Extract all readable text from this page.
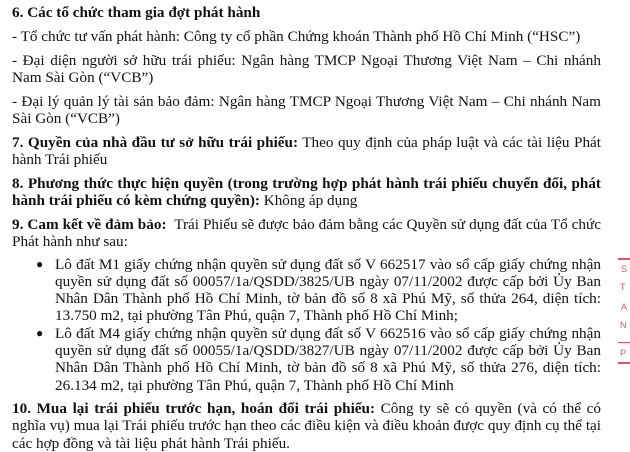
6. Các tổ chức tham gia đợt phát hành

- Tổ chức tư vấn phát hành: Công ty cổ phần Chứng khoán Thành phố Hồ Chí Minh (“HSC”)

- Đại diện người sở hữu trái phiếu: Ngân hàng TMCP Ngoại Thương Việt Nam – Chi nhánh Nam Sài Gòn (“VCB”)

- Đại lý quản lý tài sản bảo đảm: Ngân hàng TMCP Ngoại Thương Việt Nam – Chi nhánh Nam Sài Gòn (“VCB”)

7. Quyền của nhà đầu tư sở hữu trái phiếu: Theo quy định của pháp luật và các tài liệu Phát hành Trái phiếu

8. Phương thức thực hiện quyền (trong trường hợp phát hành trái phiếu chuyển đổi, phát hành trái phiếu có kèm chứng quyền): Không áp dụng

9. Cam kết về đảm bảo:  Trái Phiếu sẽ được bảo đảm bằng các Quyền sử dụng đất của Tổ chức Phát hành như sau:

● Lô đất M1 giấy chứng nhận quyền sử dụng đất số V 662517 vào sổ cấp giấy chứng nhận quyền sử dụng đất số 00057/1a/QSDD/3825/UB ngày 07/11/2002 được cấp bởi Ủy Ban Nhân Dân Thành phố Hồ Chí Minh, tờ bản đồ số 8 xã Phú Mỹ, số thửa 264, diện tích: 13.750 m2, tại phường Tân Phú, quận 7, Thành phố Hồ Chí Minh;
● Lô đất M4 giấy chứng nhận quyền sử dụng đất số V 662516 vào sổ cấp giấy chứng nhận quyền sử dụng đất số 00055/1a/QSDD/3827/UB ngày 07/11/2002 được cấp bởi Ủy Ban Nhân Dân Thành phố Hồ Chí Minh, tờ bản đồ số 8 xã Phú Mỹ, số thửa 276, diện tích: 26.134 m2, tại phường Tân Phú, quận 7, Thành phố Hồ Chí Minh

10. Mua lại trái phiếu trước hạn, hoán đổi trái phiếu: Công ty sẽ có quyền (và có thể có nghĩa vụ) mua lại Trái phiếu trước hạn theo các điều kiện và điều khoản được quy định cụ thể tại các hợp đồng và tài liệu phát hành Trái phiếu.

S
T
A
N
P
